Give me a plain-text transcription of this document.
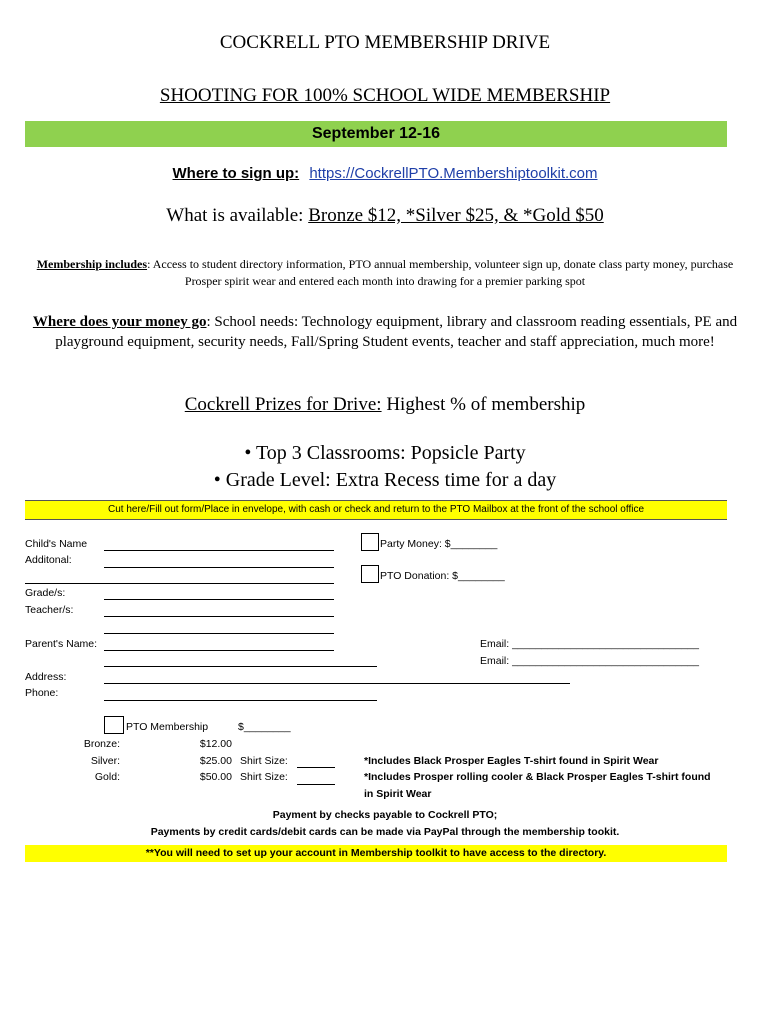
COCKRELL PTO MEMBERSHIP DRIVE
SHOOTING FOR 100% SCHOOL WIDE MEMBERSHIP
September 12-16
Where to sign up: https://CockrellPTO.Membershiptoolkit.com
What is available: Bronze $12, *Silver $25, & *Gold $50
Membership includes: Access to student directory information, PTO annual membership, volunteer sign up, donate class party money, purchase Prosper spirit wear and entered each month into drawing for a premier parking spot
Where does your money go: School needs: Technology equipment, library and classroom reading essentials, PE and playground equipment, security needs, Fall/Spring Student events, teacher and staff appreciation, much more!
Cockrell Prizes for Drive: Highest % of membership
• Top 3 Classrooms: Popsicle Party
• Grade Level: Extra Recess time for a day
Cut here/Fill out form/Place in envelope, with cash or check and return to the PTO Mailbox at the front of the school office
Child's Name
Additonal:
Party Money: $________
PTO Donation: $________
Grade/s:
Teacher/s:
Parent's Name:	Email: ________________________________
Email: ________________________________
Address:
Phone:
PTO Membership	$________
Bronze:	$12.00
Silver:	$25.00 Shirt Size:
Gold:	$50.00 Shirt Size:
*Includes Black Prosper Eagles T-shirt found in Spirit Wear
*Includes Prosper rolling cooler & Black Prosper Eagles T-shirt found
in Spirit Wear
Payment by checks payable to Cockrell PTO;
Payments by credit cards/debit cards can be made via PayPal through the membership tookit.
**You will need to set up your account in Membership toolkit to have access to the directory.
